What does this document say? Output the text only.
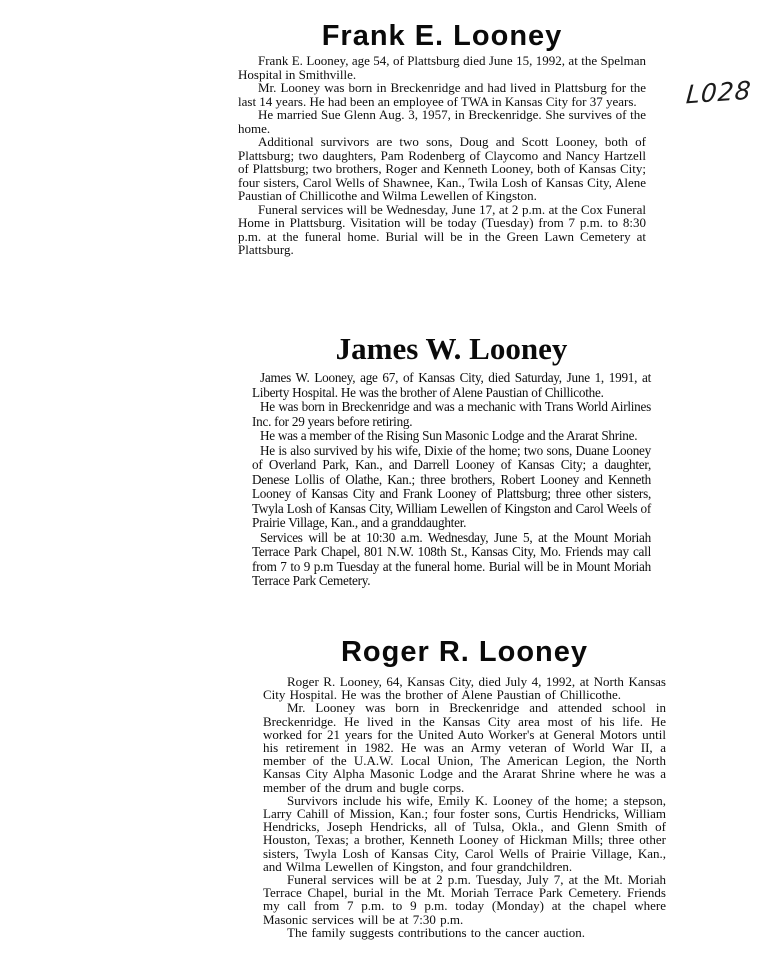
L028
Frank E. Looney

Frank E. Looney, age 54, of Plattsburg died June 15, 1992, at the Spelman Hospital in Smithville.

Mr. Looney was born in Breckenridge and had lived in Plattsburg for the last 14 years. He had been an employee of TWA in Kansas City for 37 years.

He married Sue Glenn Aug. 3, 1957, in Breckenridge. She survives of the home.

Additional survivors are two sons, Doug and Scott Looney, both of Plattsburg; two daughters, Pam Rodenberg of Claycomo and Nancy Hartzell of Plattsburg; two brothers, Roger and Kenneth Looney, both of Kansas City; four sisters, Carol Wells of Shawnee, Kan., Twila Losh of Kansas City, Alene Paustian of Chillicothe and Wilma Lewellen of Kingston.

Funeral services will be Wednesday, June 17, at 2 p.m. at the Cox Funeral Home in Plattsburg. Visitation will be today (Tuesday) from 7 p.m. to 8:30 p.m. at the funeral home. Burial will be in the Green Lawn Cemetery at Plattsburg.

James W. Looney

James W. Looney, age 67, of Kansas City, died Saturday, June 1, 1991, at Liberty Hospital. He was the brother of Alene Paustian of Chillicothe.

He was born in Breckenridge and was a mechanic with Trans World Airlines Inc. for 29 years before retiring.

He was a member of the Rising Sun Masonic Lodge and the Ararat Shrine.

He is also survived by his wife, Dixie of the home; two sons, Duane Looney of Overland Park, Kan., and Darrell Looney of Kansas City; a daughter, Denese Lollis of Olathe, Kan.; three brothers, Robert Looney and Kenneth Looney of Kansas City and Frank Looney of Plattsburg; three other sisters, Twyla Losh of Kansas City, William Lewellen of Kingston and Carol Weels of Prairie Village, Kan., and a granddaughter.

Services will be at 10:30 a.m. Wednesday, June 5, at the Mount Moriah Terrace Park Chapel, 801 N.W. 108th St., Kansas City, Mo. Friends may call from 7 to 9 p.m Tuesday at the funeral home. Burial will be in Mount Moriah Terrace Park Cemetery.

Roger R. Looney

Roger R. Looney, 64, Kansas City, died July 4, 1992, at North Kansas City Hospital. He was the brother of Alene Paustian of Chillicothe.

Mr. Looney was born in Breckenridge and attended school in Breckenridge. He lived in the Kansas City area most of his life. He worked for 21 years for the United Auto Worker's at General Motors until his retirement in 1982. He was an Army veteran of World War II, a member of the U.A.W. Local Union, The American Legion, the North Kansas City Alpha Masonic Lodge and the Ararat Shrine where he was a member of the drum and bugle corps.

Survivors include his wife, Emily K. Looney of the home; a stepson, Larry Cahill of Mission, Kan.; four foster sons, Curtis Hendricks, William Hendricks, Joseph Hendricks, all of Tulsa, Okla., and Glenn Smith of Houston, Texas; a brother, Kenneth Looney of Hickman Mills; three other sisters, Twyla Losh of Kansas City, Carol Wells of Prairie Village, Kan., and Wilma Lewellen of Kingston, and four grandchildren.

Funeral services will be at 2 p.m. Tuesday, July 7, at the Mt. Moriah Terrace Chapel, burial in the Mt. Moriah Terrace Park Cemetery. Friends my call from 7 p.m. to 9 p.m. today (Monday) at the chapel where Masonic services will be at 7:30 p.m.

The family suggests contributions to the cancer auction.
